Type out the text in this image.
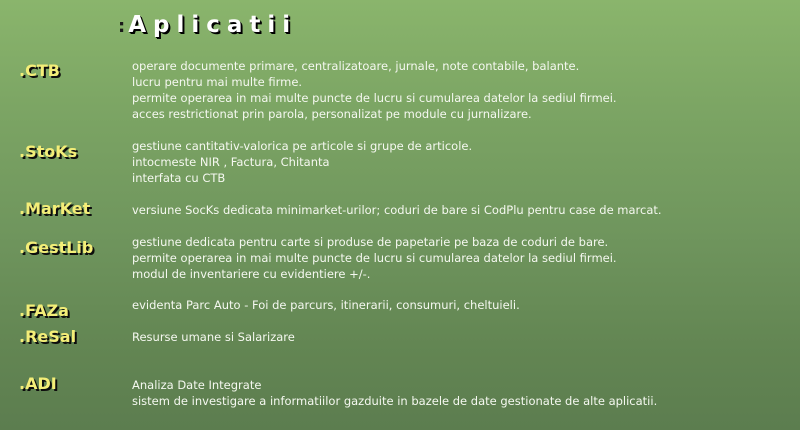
: Aplicatii
.CTB	operare documente primare, centralizatoare, jurnale, note contabile, balante.
lucru pentru mai multe firme.
permite operarea in mai multe puncte de lucru si cumularea datelor la sediul firmei.
acces restrictionat prin parola, personalizat pe module cu jurnalizare.
.StoKs	gestiune cantitativ-valorica pe articole si grupe de articole.
intocmeste NIR , Factura, Chitanta
interfata cu CTB
.MarKet	versiune SocKs dedicata minimarket-urilor; coduri de bare si CodPlu pentru case de marcat.
.GestLib	gestiune dedicata pentru carte si produse de papetarie pe baza de coduri de bare.
permite operarea in mai multe puncte de lucru si cumularea datelor la sediul firmei.
modul de inventariere cu evidentiere +/-.
.FAZa	evidenta Parc Auto - Foi de parcurs, itinerarii, consumuri, cheltuieli.
.ReSal	Resurse umane si Salarizare
.ADI	Analiza Date Integrate
sistem de investigare a informatiilor gazduite in bazele de date gestionate de alte aplicatii.
